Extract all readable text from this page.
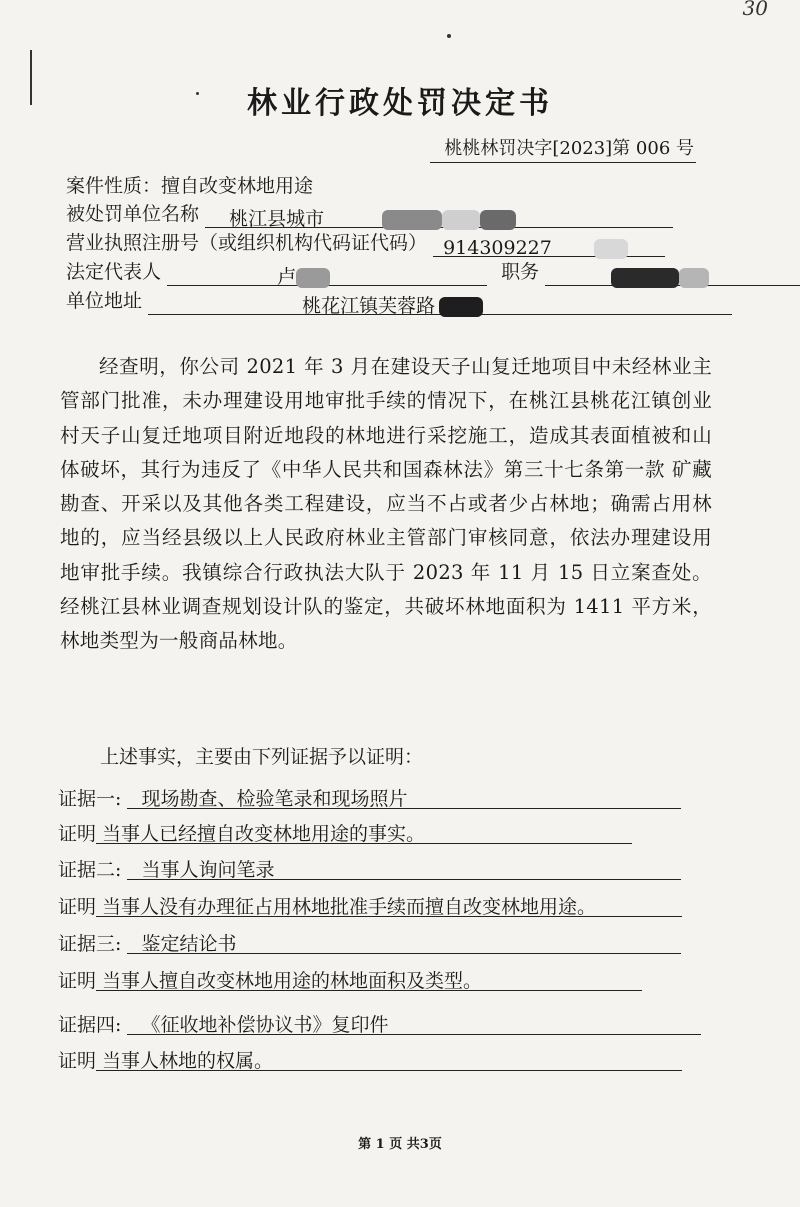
30
林业行政处罚决定书
桃桃林罚决字[2023]第 006 号
案件性质：擅自改变林地用途
被处罚单位名称 桃江县城市
营业执照注册号（或组织机构代码证代码） 914309227
法定代表人	卢	职务
单位地址	桃花江镇芙蓉路

经查明，你公司 2021 年 3 月在建设天子山复迁地项目中未经林业主管部门批准，未办理建设用地审批手续的情况下，在桃江县桃花江镇创业村天子山复迁地项目附近地段的林地进行采挖施工，造成其表面植被和山体破坏，其行为违反了《中华人民共和国森林法》第三十七条第一款 矿藏勘查、开采以及其他各类工程建设，应当不占或者少占林地；确需占用林地的，应当经县级以上人民政府林业主管部门审核同意，依法办理建设用地审批手续。我镇综合行政执法大队于 2023 年 11 月 15 日立案查处。经桃江县林业调查规划设计队的鉴定，共破坏林地面积为 1411 平方米，林地类型为一般商品林地。

上述事实，主要由下列证据予以证明：
证据一: 现场勘查、检验笔录和现场照片
证明 当事人已经擅自改变林地用途的事实。
证据二: 当事人询问笔录
证明 当事人没有办理征占用林地批准手续而擅自改变林地用途。
证据三: 鉴定结论书
证明 当事人擅自改变林地用途的林地面积及类型。
证据四: 《征收地补偿协议书》复印件
证明 当事人林地的权属。
第 1 页 共3页
